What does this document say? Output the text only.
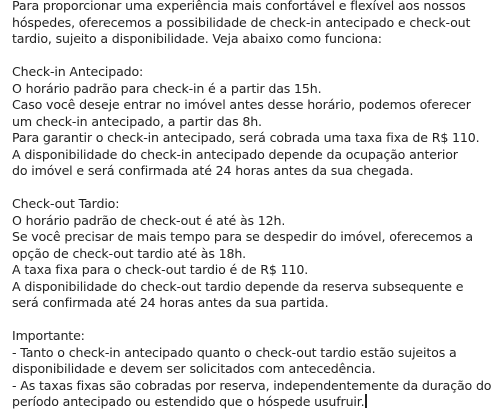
Para proporcionar uma experiência mais confortável e flexível aos nossos
hóspedes, oferecemos a possibilidade de check-in antecipado e check-out
tardio, sujeito a disponibilidade. Veja abaixo como funciona:
Check-in Antecipado:
O horário padrão para check-in é a partir das 15h.
Caso você deseje entrar no imóvel antes desse horário, podemos oferecer
um check-in antecipado, a partir das 8h.
Para garantir o check-in antecipado, será cobrada uma taxa fixa de R$ 110.
A disponibilidade do check-in antecipado depende da ocupação anterior
do imóvel e será confirmada até 24 horas antes da sua chegada.
Check-out Tardio:
O horário padrão de check-out é até às 12h.
Se você precisar de mais tempo para se despedir do imóvel, oferecemos a
opção de check-out tardio até às 18h.
A taxa fixa para o check-out tardio é de R$ 110.
A disponibilidade do check-out tardio depende da reserva subsequente e
será confirmada até 24 horas antes da sua partida.
Importante:
- Tanto o check-in antecipado quanto o check-out tardio estão sujeitos a
disponibilidade e devem ser solicitados com antecedência.
- As taxas fixas são cobradas por reserva, independentemente da duração do
período antecipado ou estendido que o hóspede usufruir.
